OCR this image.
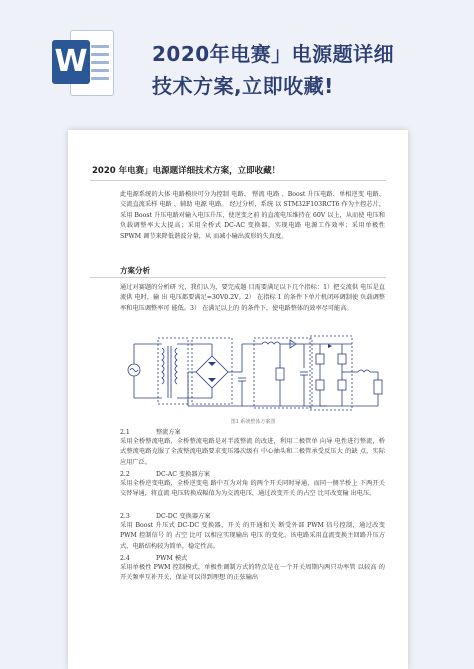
W	2020年电赛」电源题详细
技术方案,立即收藏!
2020 年电赛」电源题详细技术方案，立即收藏！
此电源系统的大体 电路模块可分为控制 电路、 整流 电路 、Boost 升压电路、单相逆变 电路、交流直流采样 电路 、辅助 电源 电路。 经过分析，系统 以 STM32F103RCT6 作为主控芯片，采用 Boost 升压电路对输入电压升压，使逆变之前 的直流电压维持在 60V 以上，从而使 电压和负载调整率大大提高；采用全桥式 DC-AC 变换器，实现电路 电源工作效率；采用单极性 SPWM 调节来降低谐波分量，从 而减小输出波形的失真度。
方案分析
通过对赛题的分析研 究，我们认为，要完成题 目需要满足以下几个指标：1）把交流供 电压是直流供 电时，输 出 电压都要满足=30V0.2V。2） 在指标 1 的条件下单片机闭环调制使 负载调整率和电压调整率可 能低。3） 在满足以上的 的条件下，使电路整体的效率尽可能高。
图1 系统整体方案图
2.1	整流方案
采用全桥整流电路，全桥整流电路是对半波整流 的改进，利用二极管单 向导 电性进行整流，桥式整流电路克服了全波整流电路要求变压器次级有 中心抽头和二极管承受反压大 的缺 点，实际应用广泛。
2.2	DC-AC 变换器方案
采用全桥逆变电路，全桥逆变电 路中互为对角 的两个开关同时导通，而同一侧半桥上 下两开关交替导通，将直流 电压转换成幅值为为交流电压，通过改变开关 的占空 比可改变输 出电压。
2.3	DC-DC 变换器方案
采用 Boost 升压式 DC-DC 变换器，开关 的开通和关 断受外部 PWM 信号控制，通过改变 PWM 控制信号 的 占空 比可 以相应实现输出 电压 的变化。该电路采用直流变换主回路升压方式，电路结构较为简单，稳定性高。
2.4	PWM 模式
采用单极性 PWM 控制模式，单极性调制方式的特点是在一个开关周期内两只功率管 以较高 的开关频率互补开关，保证可以得到理想 的正弦输出
